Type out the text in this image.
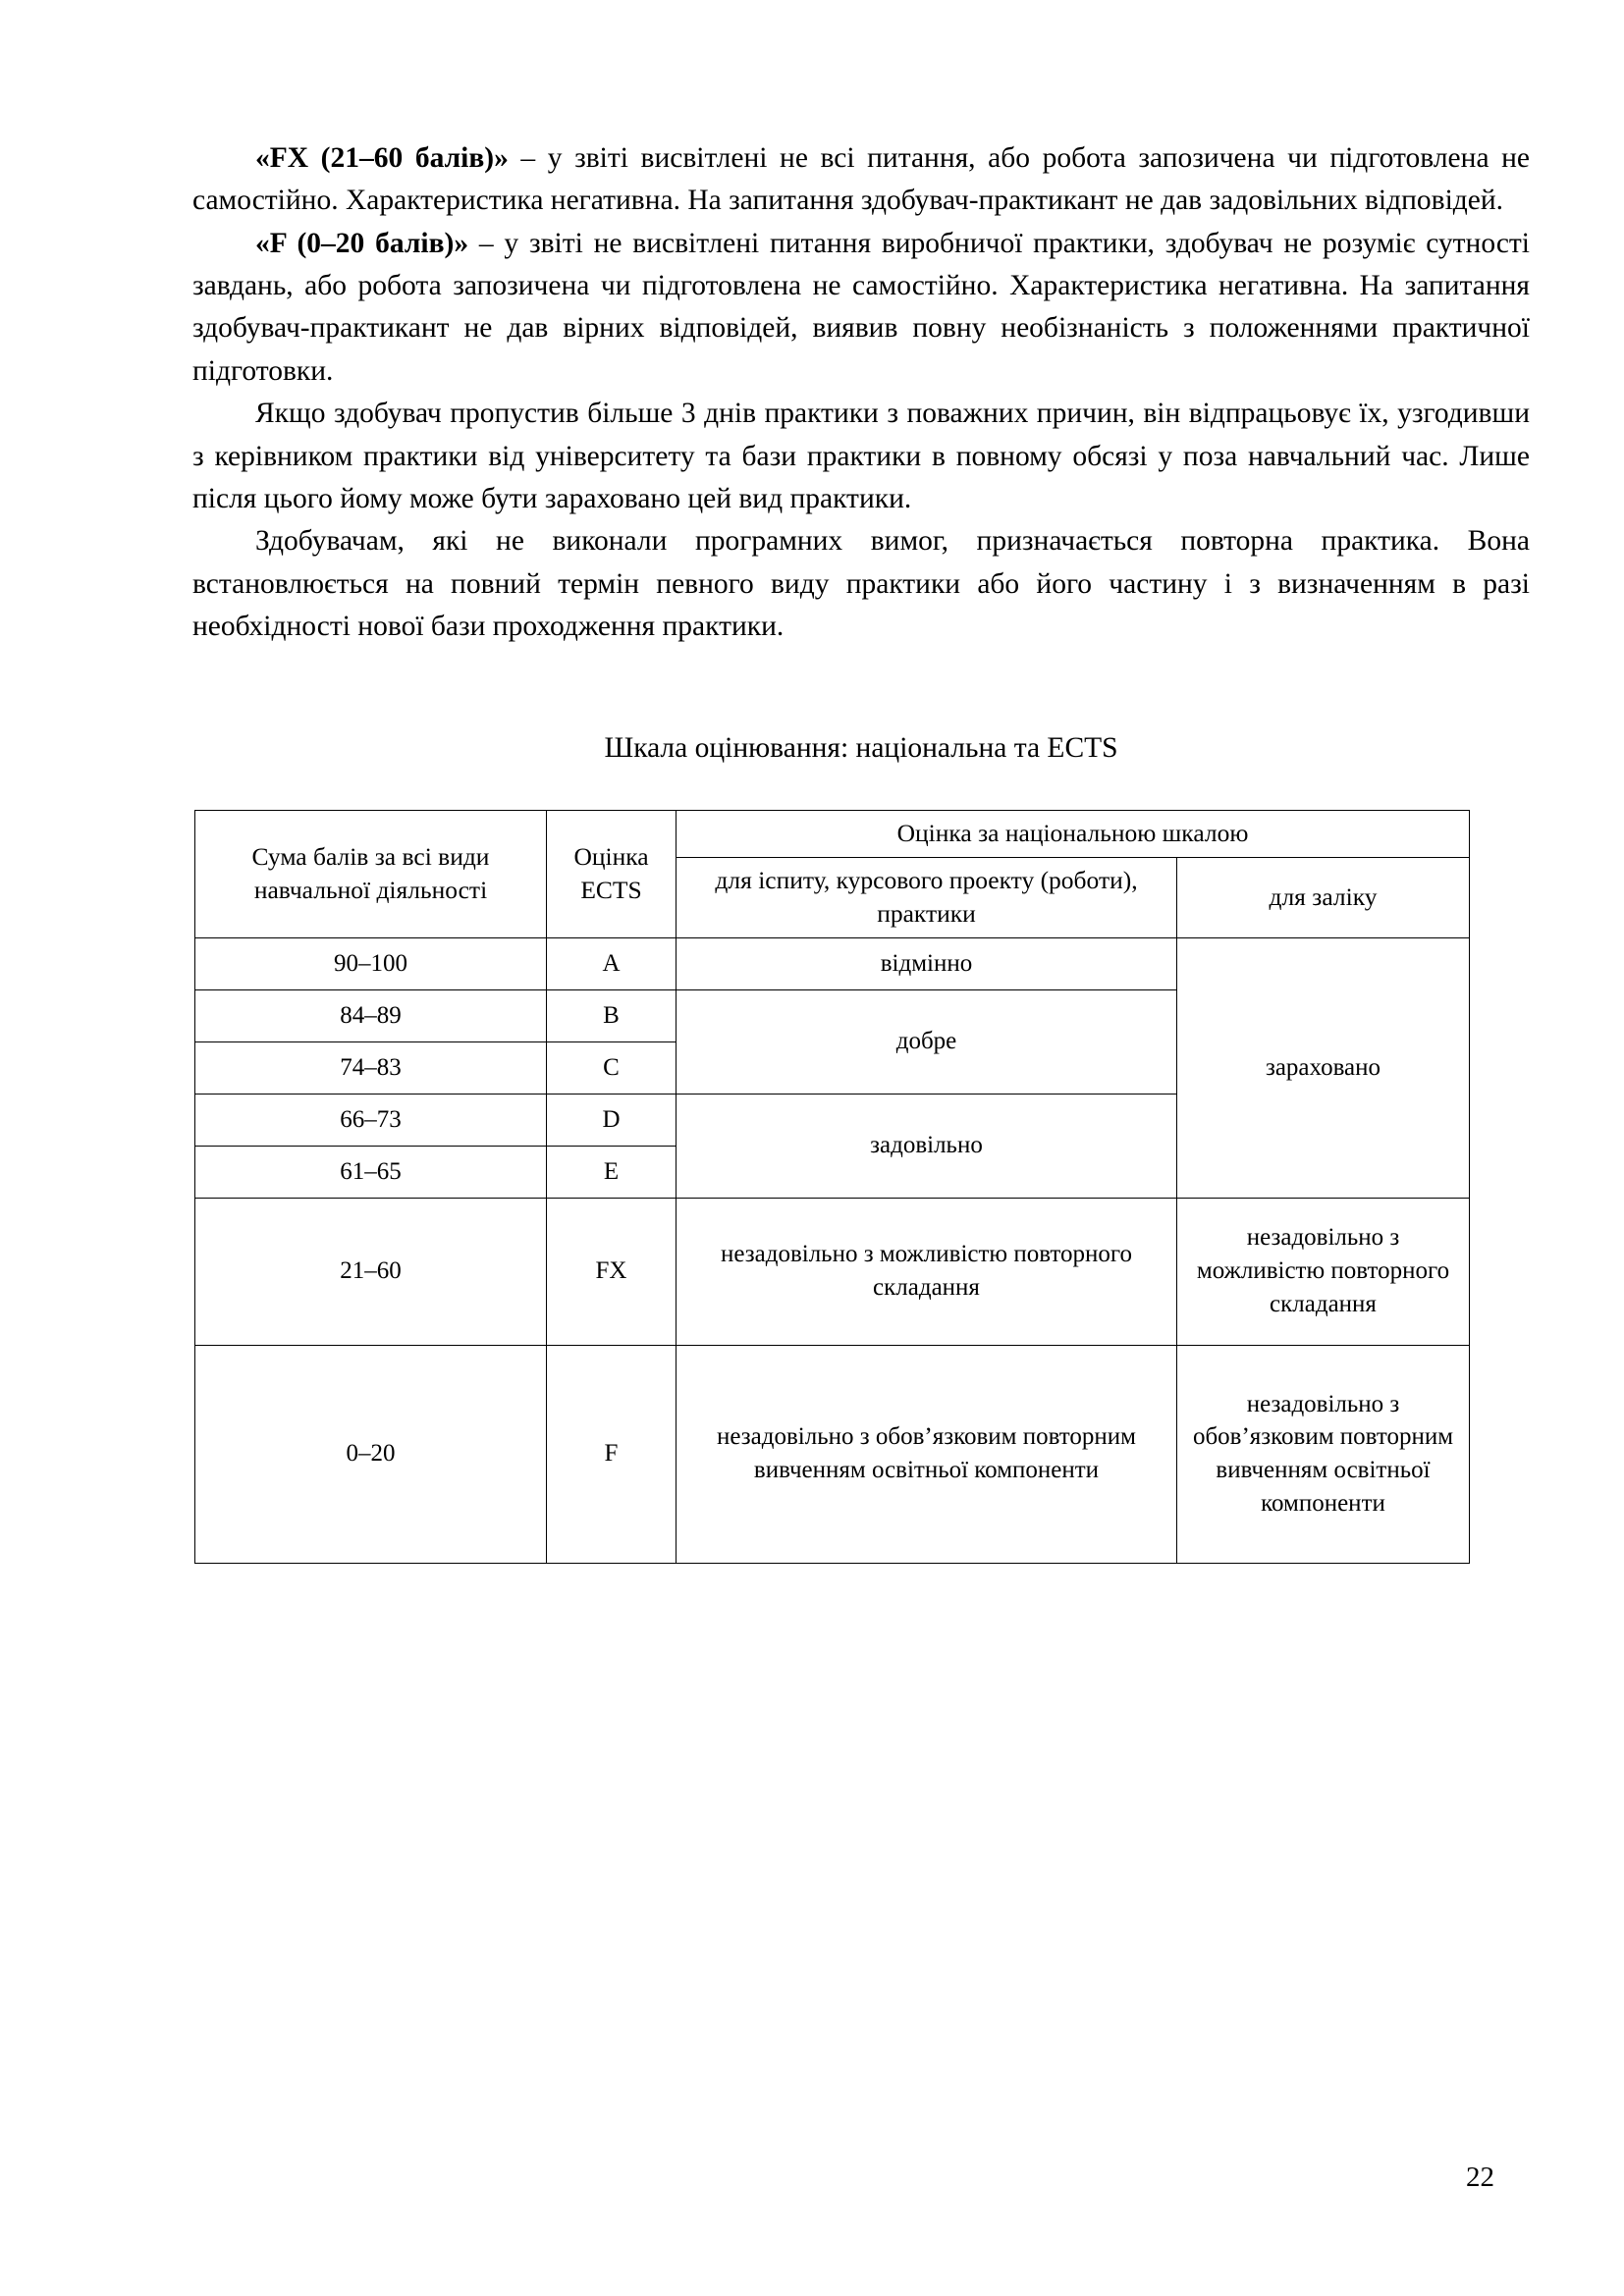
«FX (21–60 балів)» – у звіті висвітлені не всі питання, або робота запозичена чи підготовлена не самостійно. Характеристика негативна. На запитання здобувач-практикант не дав задовільних відповідей.

«F (0–20 балів)» – у звіті не висвітлені питання виробничої практики, здобувач не розуміє сутності завдань, або робота запозичена чи підготовлена не самостійно. Характеристика негативна. На запитання здобувач-практикант не дав вірних відповідей, виявив повну необізнаність з положеннями практичної підготовки.

Якщо здобувач пропустив більше 3 днів практики з поважних причин, він відпрацьовує їх, узгодивши з керівником практики від університету та бази практики в повному обсязі у поза навчальний час. Лише після цього йому може бути зараховано цей вид практики.

Здобувачам, які не виконали програмних вимог, призначається повторна практика. Вона встановлюється на повний термін певного виду практики або його частину і з визначенням в разі необхідності нової бази проходження практики.

Шкала оцінювання: національна та ECTS
Сума балів за всі види навчальної діяльності	Оцінка ECTS	Оцінка за національною шкалою	
		для іспиту, курсового проекту (роботи), практики	для заліку
90–100	A	відмінно	зараховано
84–89	B	добре	
74–83	C		
66–73	D	задовільно	
61–65	E		
21–60	FX	незадовільно з можливістю повторного складання	незадовільно з можливістю повторного складання
0–20	F	незадовільно з обов’язковим повторним вивченням освітньої компоненти	незадовільно з обов’язковим повторним вивченням освітньої компоненти
22
